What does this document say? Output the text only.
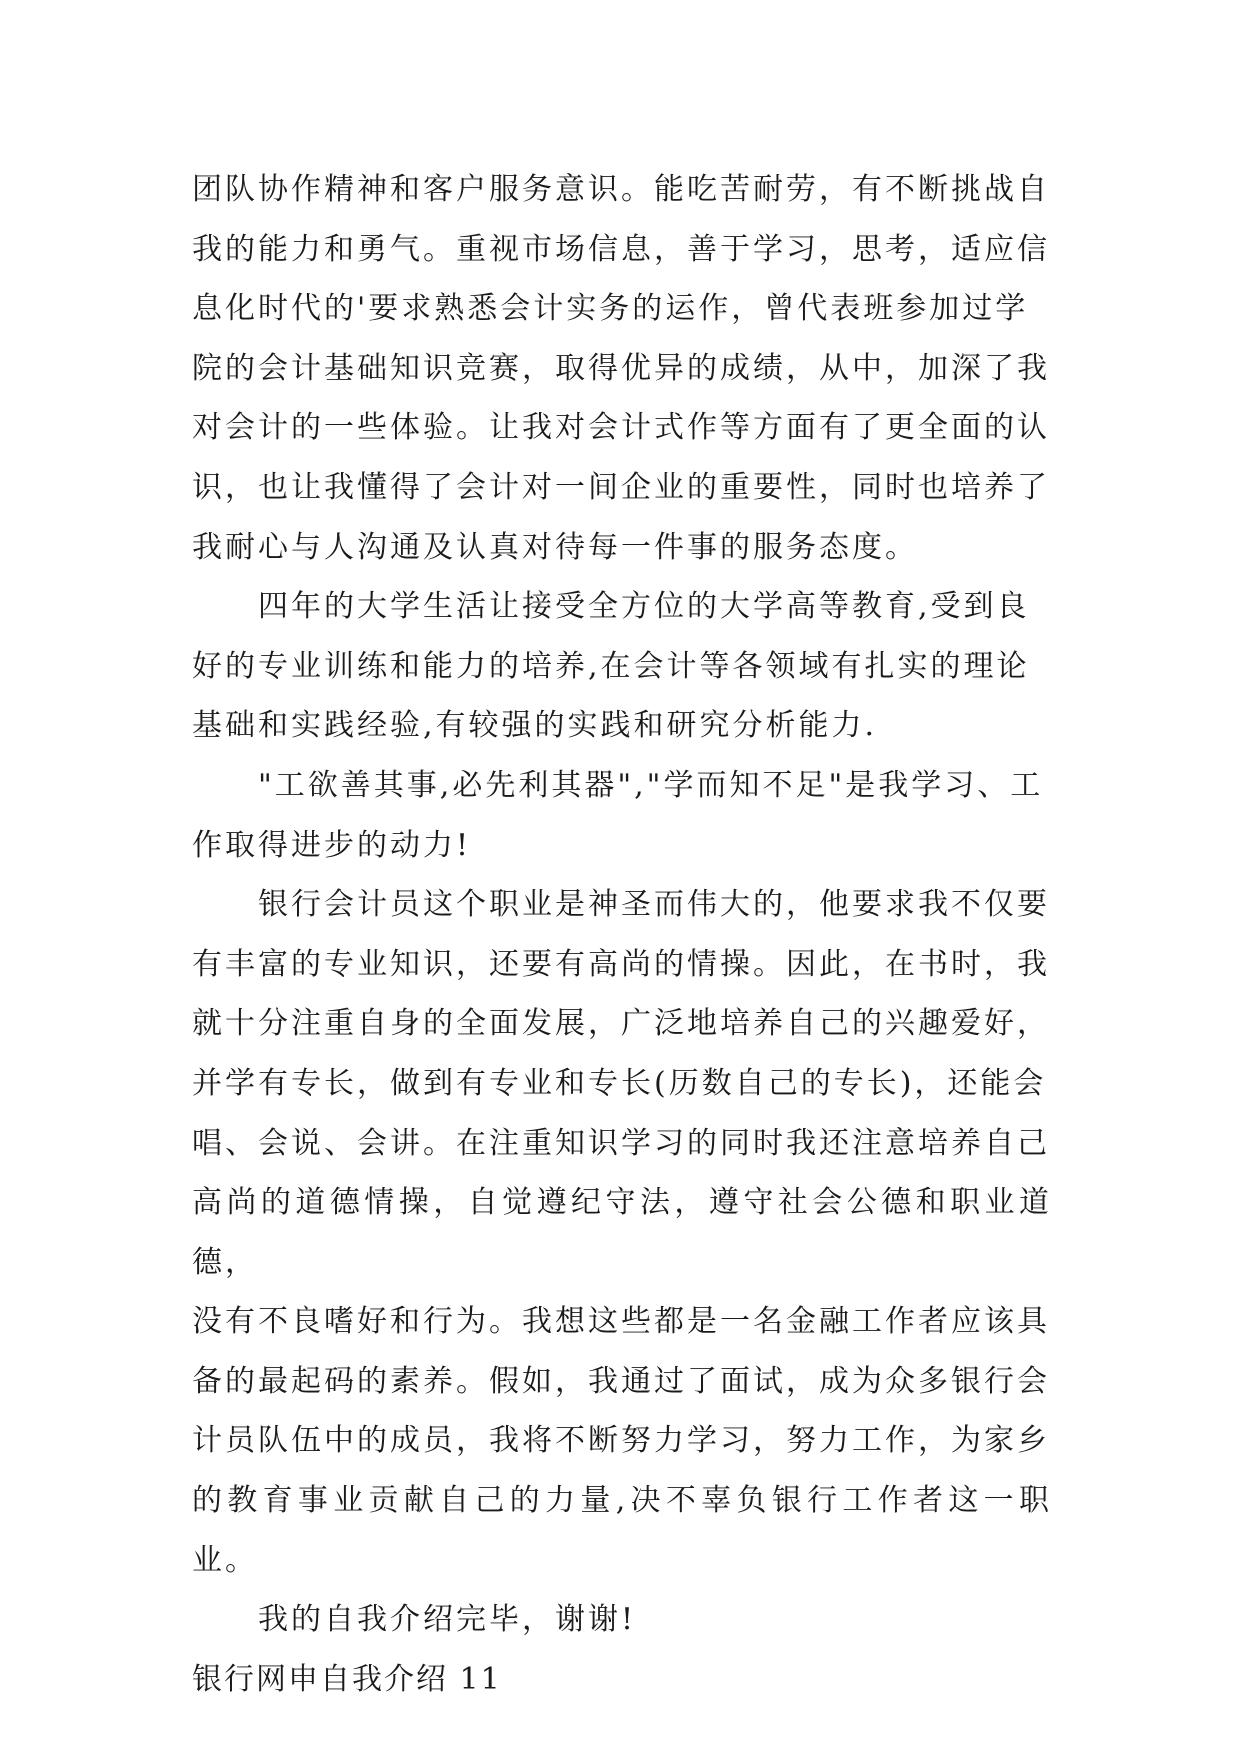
团队协作精神和客户服务意识。能吃苦耐劳，有不断挑战自
我的能力和勇气。重视市场信息，善于学习，思考，适应信
息化时代的'要求熟悉会计实务的运作，曾代表班参加过学
院的会计基础知识竞赛，取得优异的成绩，从中，加深了我
对会计的一些体验。让我对会计式作等方面有了更全面的认
识，也让我懂得了会计对一间企业的重要性，同时也培养了
我耐心与人沟通及认真对待每一件事的服务态度。

四年的大学生活让接受全方位的大学高等教育,受到良
好的专业训练和能力的培养,在会计等各领域有扎实的理论
基础和实践经验,有较强的实践和研究分析能力.

"工欲善其事,必先利其器","学而知不足"是我学习、工
作取得进步的动力!

银行会计员这个职业是神圣而伟大的，他要求我不仅要
有丰富的专业知识，还要有高尚的情操。因此，在书时，我
就十分注重自身的全面发展，广泛地培养自己的兴趣爱好，
并学有专长，做到有专业和专长(历数自己的专长)，还能会
唱、会说、会讲。在注重知识学习的同时我还注意培养自己
高尚的道德情操，自觉遵纪守法，遵守社会公德和职业道德，
没有不良嗜好和行为。我想这些都是一名金融工作者应该具
备的最起码的素养。假如，我通过了面试，成为众多银行会
计员队伍中的成员，我将不断努力学习，努力工作，为家乡
的教育事业贡献自己的力量,决不辜负银行工作者这一职业。

我的自我介绍完毕，谢谢!

银行网申自我介绍 11
